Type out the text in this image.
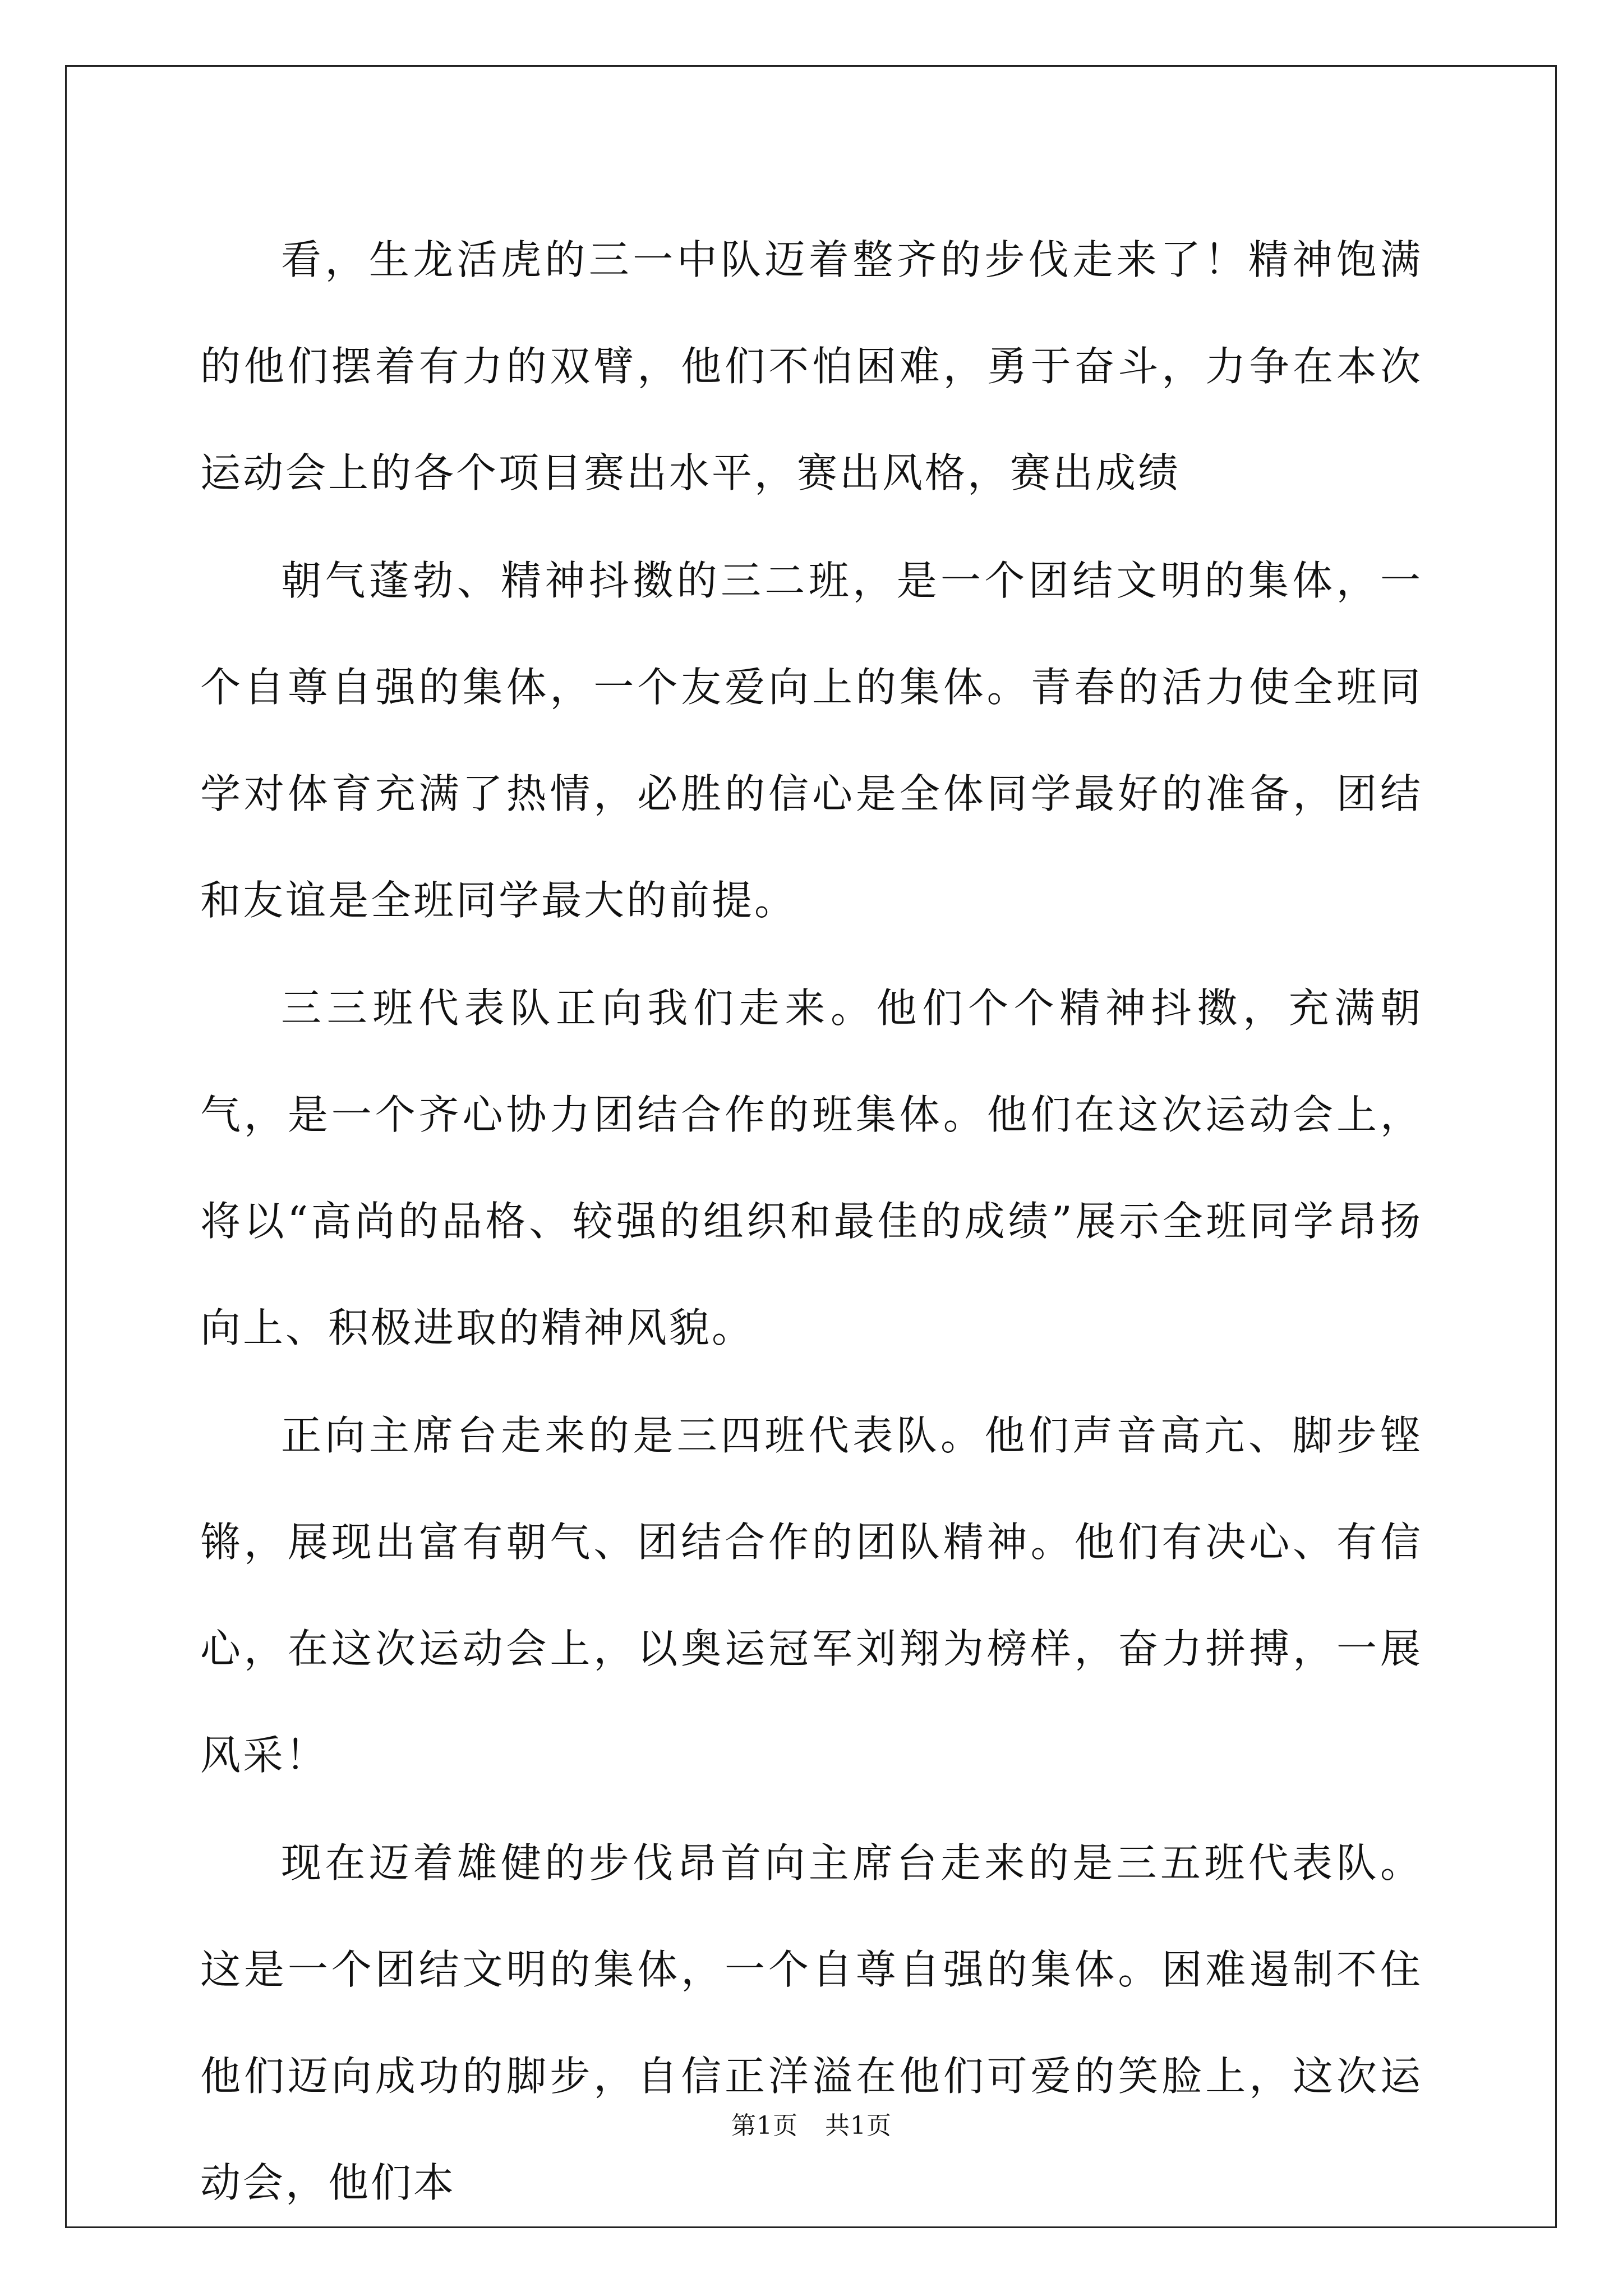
看，生龙活虎的三一中队迈着整齐的步伐走来了！精神饱满的他们摆着有力的双臂，他们不怕困难，勇于奋斗，力争在本次运动会上的各个项目赛出水平，赛出风格，赛出成绩

朝气蓬勃、精神抖擞的三二班，是一个团结文明的集体，一个自尊自强的集体，一个友爱向上的集体。青春的活力使全班同学对体育充满了热情，必胜的信心是全体同学最好的准备，团结和友谊是全班同学最大的前提。

三三班代表队正向我们走来。他们个个精神抖擞，充满朝气，是一个齐心协力团结合作的班集体。他们在这次运动会上，将以“高尚的品格、较强的组织和最佳的成绩”展示全班同学昂扬向上、积极进取的精神风貌。

正向主席台走来的是三四班代表队。他们声音高亢、脚步铿锵，展现出富有朝气、团结合作的团队精神。他们有决心、有信心，在这次运动会上，以奥运冠军刘翔为榜样，奋力拼搏，一展风采！

现在迈着雄健的步伐昂首向主席台走来的是三五班代表队。这是一个团结文明的集体，一个自尊自强的集体。困难遏制不住他们迈向成功的脚步，自信正洋溢在他们可爱的笑脸上，这次运动会，他们本

第1页 共1页
